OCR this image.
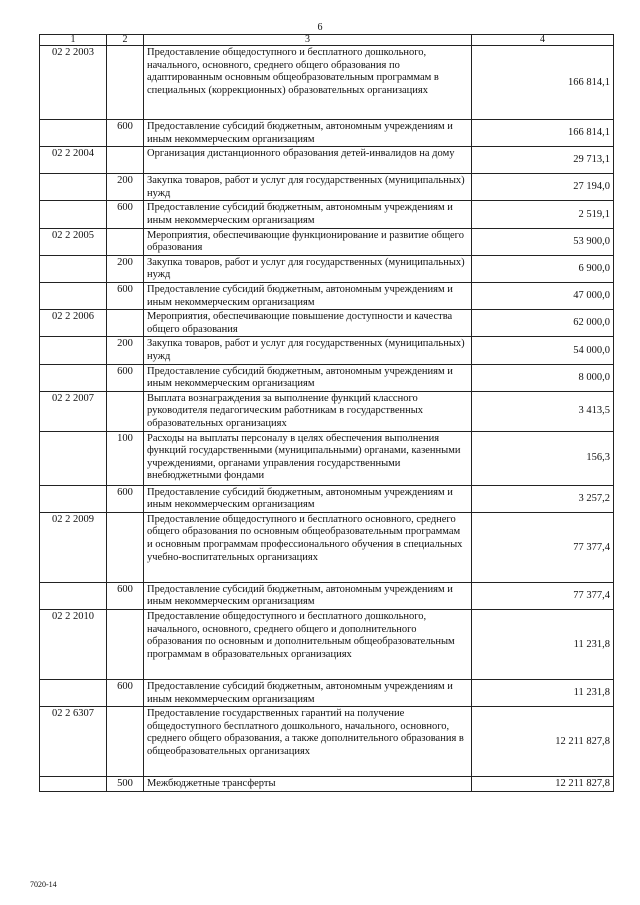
6
1	2	3	4
02 2 2003		Предоставление общедоступного и бесплатного дошкольного, начального, основного, среднего общего образования по адаптированным основным общеобразовательным программам в специальных (коррекционных) образовательных организациях	166 814,1
	600	Предоставление субсидий бюджетным, автономным учреждениям и иным некоммерческим организациям	166 814,1
02 2 2004		Организация дистанционного образования детей-инвалидов на дому	29 713,1
	200	Закупка товаров, работ и услуг для государственных (муниципальных) нужд	27 194,0
	600	Предоставление субсидий бюджетным, автономным учреждениям и иным некоммерческим организациям	2 519,1
02 2 2005		Мероприятия, обеспечивающие функционирование и развитие общего образования	53 900,0
	200	Закупка товаров, работ и услуг для государственных (муниципальных) нужд	6 900,0
	600	Предоставление субсидий бюджетным, автономным учреждениям и иным некоммерческим организациям	47 000,0
02 2 2006		Мероприятия, обеспечивающие повышение доступности и качества общего образования	62 000,0
	200	Закупка товаров, работ и услуг для государственных (муниципальных) нужд	54 000,0
	600	Предоставление субсидий бюджетным, автономным учреждениям и иным некоммерческим организациям	8 000,0
02 2 2007		Выплата вознаграждения за выполнение функций классного руководителя педагогическим работникам в государственных образовательных организациях	3 413,5
	100	Расходы на выплаты персоналу в целях обеспечения выполнения функций государственными (муниципальными) органами, казенными учреждениями, органами управления государственными внебюджетными фондами	156,3
	600	Предоставление субсидий бюджетным, автономным учреждениям и иным некоммерческим организациям	3 257,2
02 2 2009		Предоставление общедоступного и бесплатного основного, среднего общего образования по основным общеобразовательным программам и основным программам профессионального обучения в специальных учебно-воспитательных организациях	77 377,4
	600	Предоставление субсидий бюджетным, автономным учреждениям и иным некоммерческим организациям	77 377,4
02 2 2010		Предоставление общедоступного и бесплатного дошкольного, начального, основного, среднего общего и дополнительного образования по основным и дополнительным общеобразовательным программам в образовательных организациях	11 231,8
	600	Предоставление субсидий бюджетным, автономным учреждениям и иным некоммерческим организациям	11 231,8
02 2 6307		Предоставление государственных гарантий на получение общедоступного бесплатного дошкольного, начального, основного, среднего общего образования, а также дополнительного образования в общеобразовательных организациях	12 211 827,8
	500	Межбюджетные трансферты	12 211 827,8
7020-14
